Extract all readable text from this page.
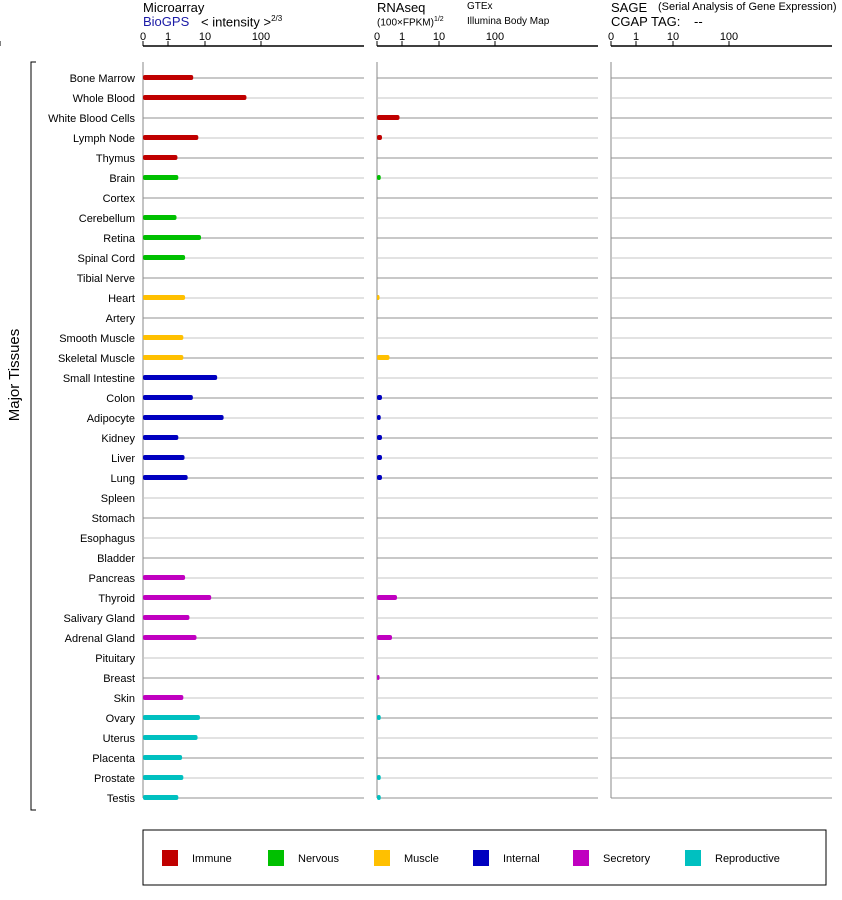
Microarray
BioGPS < intensity >$^{2/3}$
RNAseq
(100×FPKM)$^{1/2}$
GTEx
Illumina Body Map
SAGE (Serial Analysis of Gene Expression)
CGAP TAG: --
0 1	10	100	0 1	10	100	0 1	10	100
Bone Marrow
Whole Blood
White Blood Cells
Lymph Node
Thymus
Brain
Cortex
Cerebellum
Retina
Spinal Cord
Tibial Nerve
Heart
Artery
Smooth Muscle
Skeletal Muscle
Small Intestine
Colon
Adipocyte
Kidney
Liver
Lung
Spleen
Stomach
Esophagus
Bladder
Pancreas
Thyroid
Salivary Gland
Adrenal Gland
Pituitary
Breast
Skin
Ovary
Uterus
Placenta
Prostate
Testis
Major Tissues
Immune	Nervous	Muscle	Internal	Secretory	Reproductive
